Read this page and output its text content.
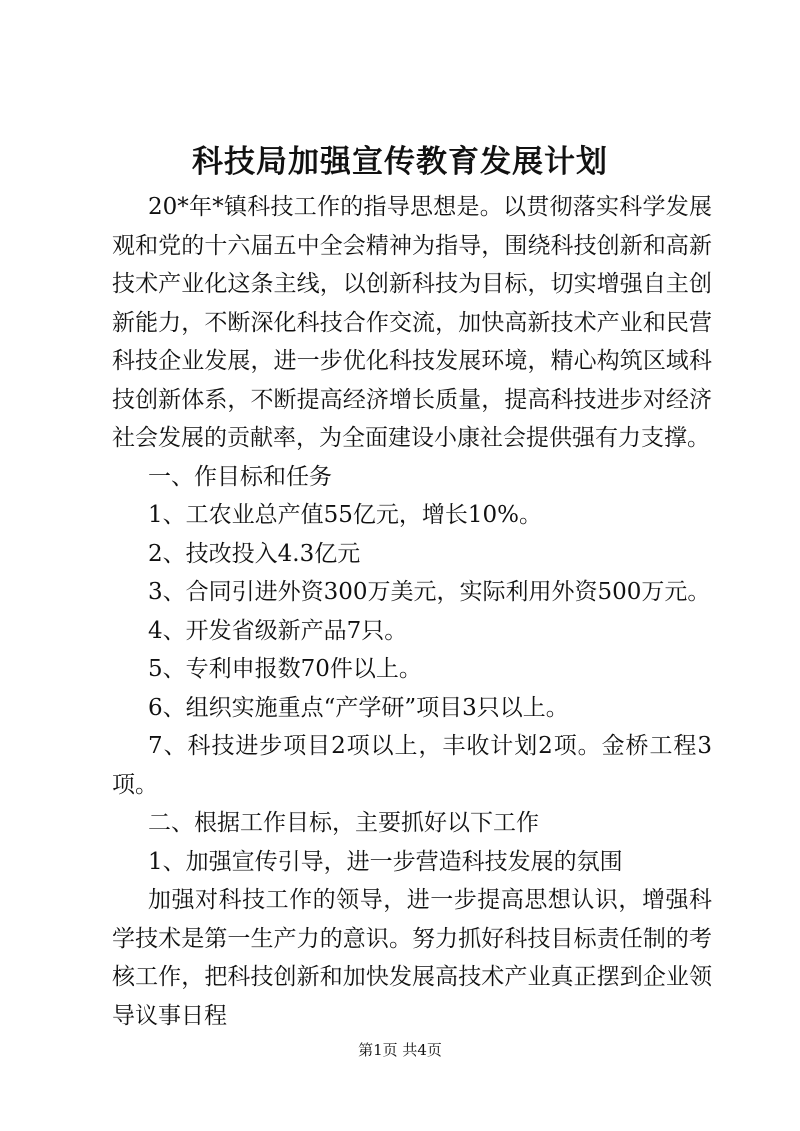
科技局加强宣传教育发展计划

20*年*镇科技工作的指导思想是。以贯彻落实科学发展观和党的十六届五中全会精神为指导，围绕科技创新和高新技术产业化这条主线，以创新科技为目标，切实增强自主创新能力，不断深化科技合作交流，加快高新技术产业和民营科技企业发展，进一步优化科技发展环境，精心构筑区域科技创新体系，不断提高经济增长质量，提高科技进步对经济社会发展的贡献率，为全面建设小康社会提供强有力支撑。

一、作目标和任务

1、工农业总产值55亿元，增长10%。

2、技改投入4.3亿元

3、合同引进外资300万美元，实际利用外资500万元。

4、开发省级新产品7只。

5、专利申报数70件以上。

6、组织实施重点“产学研”项目3只以上。

7、科技进步项目2项以上，丰收计划2项。金桥工程3项。

二、根据工作目标，主要抓好以下工作

1、加强宣传引导，进一步营造科技发展的氛围

加强对科技工作的领导，进一步提高思想认识，增强科学技术是第一生产力的意识。努力抓好科技目标责任制的考核工作，把科技创新和加快发展高技术产业真正摆到企业领导议事日程

第1页 共4页
